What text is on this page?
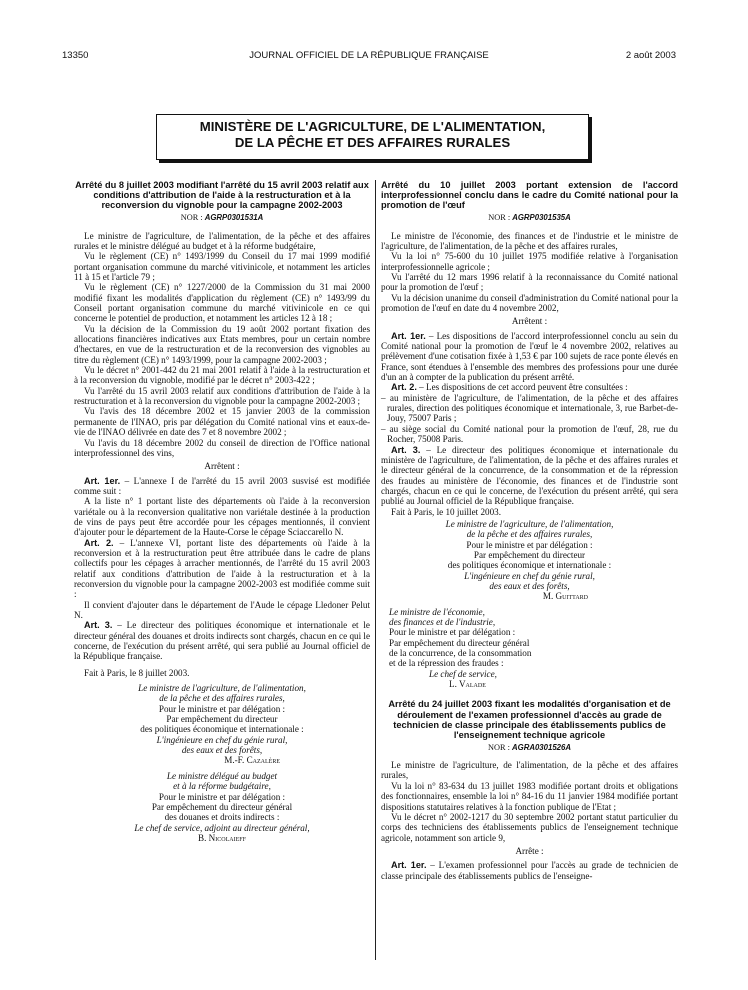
13350	JOURNAL OFFICIEL DE LA RÉPUBLIQUE FRANÇAISE	2 août 2003
MINISTÈRE DE L'AGRICULTURE, DE L'ALIMENTATION,
DE LA PÊCHE ET DES AFFAIRES RURALES

Arrêté du 8 juillet 2003 modifiant l'arrêté du 15 avril 2003 relatif aux conditions d'attribution de l'aide à la restructuration et à la reconversion du vignoble pour la campagne 2002-2003

NOR : AGRP0301531A

Le ministre de l'agriculture, de l'alimentation, de la pêche et des affaires rurales et le ministre délégué au budget et à la réforme budgétaire,

Vu le règlement (CE) n° 1493/1999 du Conseil du 17 mai 1999 modifié portant organisation commune du marché vitivinicole, et notamment les articles 11 à 15 et l'article 79 ;

Vu le règlement (CE) n° 1227/2000 de la Commission du 31 mai 2000 modifié fixant les modalités d'application du règlement (CE) n° 1493/99 du Conseil portant organisation commune du marché vitivinicole en ce qui concerne le potentiel de production, et notamment les articles 12 à 18 ;

Vu la décision de la Commission du 19 août 2002 portant fixation des allocations financières indicatives aux Etats membres, pour un certain nombre d'hectares, en vue de la restructuration et de la reconversion des vignobles au titre du règlement (CE) n° 1493/1999, pour la campagne 2002-2003 ;

Vu le décret n° 2001-442 du 21 mai 2001 relatif à l'aide à la restructuration et à la reconversion du vignoble, modifié par le décret n° 2003-422 ;

Vu l'arrêté du 15 avril 2003 relatif aux conditions d'attribution de l'aide à la restructuration et à la reconversion du vignoble pour la campagne 2002-2003 ;

Vu l'avis des 18 décembre 2002 et 15 janvier 2003 de la commission permanente de l'INAO, pris par délégation du Comité national vins et eaux-de-vie de l'INAO délivrée en date des 7 et 8 novembre 2002 ;

Vu l'avis du 18 décembre 2002 du conseil de direction de l'Office national interprofessionnel des vins,

Arrêtent :

Art. 1er. – L'annexe I de l'arrêté du 15 avril 2003 susvisé est modifiée comme suit :

A la liste n° 1 portant liste des départements où l'aide à la reconversion variétale ou à la reconversion qualitative non variétale destinée à la production de vins de pays peut être accordée pour les cépages mentionnés, il convient d'ajouter pour le département de la Haute-Corse le cépage Sciaccarello N.

Art. 2. – L'annexe VI, portant liste des départements où l'aide à la reconversion et à la restructuration peut être attribuée dans le cadre de plans collectifs pour les cépages à arracher mentionnés, de l'arrêté du 15 avril 2003 relatif aux conditions d'attribution de l'aide à la restructuration et à la reconversion du vignoble pour la campagne 2002-2003 est modifiée comme suit :

Il convient d'ajouter dans le département de l'Aude le cépage Lledoner Pelut N.

Art. 3. – Le directeur des politiques économique et internationale et le directeur général des douanes et droits indirects sont chargés, chacun en ce qui le concerne, de l'exécution du présent arrêté, qui sera publié au Journal officiel de la République française.

Fait à Paris, le 8 juillet 2003.

Le ministre de l'agriculture, de l'alimentation,
de la pêche et des affaires rurales,
Pour le ministre et par délégation :
Par empêchement du directeur
des politiques économique et internationale :
L'ingénieure en chef du génie rural,
des eaux et des forêts,
M.-F. Cazalère
Le ministre délégué au budget
et à la réforme budgétaire,
Pour le ministre et par délégation :
Par empêchement du directeur général
des douanes et droits indirects :
Le chef de service, adjoint au directeur général,
B. Nicolaieff

Arrêté du 10 juillet 2003 portant extension de l'accord interprofessionnel conclu dans le cadre du Comité national pour la promotion de l'œuf

NOR : AGRP0301535A

Le ministre de l'économie, des finances et de l'industrie et le ministre de l'agriculture, de l'alimentation, de la pêche et des affaires rurales,

Vu la loi n° 75-600 du 10 juillet 1975 modifiée relative à l'organisation interprofessionnelle agricole ;

Vu l'arrêté du 12 mars 1996 relatif à la reconnaissance du Comité national pour la promotion de l'œuf ;

Vu la décision unanime du conseil d'administration du Comité national pour la promotion de l'œuf en date du 4 novembre 2002,

Arrêtent :

Art. 1er. – Les dispositions de l'accord interprofessionnel conclu au sein du Comité national pour la promotion de l'œuf le 4 novembre 2002, relatives au prélèvement d'une cotisation fixée à 1,53 € par 100 sujets de race ponte élevés en France, sont étendues à l'ensemble des membres des professions pour une durée d'un an à compter de la publication du présent arrêté.

Art. 2. – Les dispositions de cet accord peuvent être consultées :

– au ministère de l'agriculture, de l'alimentation, de la pêche et des affaires rurales, direction des politiques économique et internationale, 3, rue Barbet-de-Jouy, 75007 Paris ;

– au siège social du Comité national pour la promotion de l'œuf, 28, rue du Rocher, 75008 Paris.

Art. 3. – Le directeur des politiques économique et internationale du ministère de l'agriculture, de l'alimentation, de la pêche et des affaires rurales et le directeur général de la concurrence, de la consommation et de la répression des fraudes au ministère de l'économie, des finances et de l'industrie sont chargés, chacun en ce qui le concerne, de l'exécution du présent arrêté, qui sera publié au Journal officiel de la République française.

Fait à Paris, le 10 juillet 2003.

Le ministre de l'agriculture, de l'alimentation,
de la pêche et des affaires rurales,
Pour le ministre et par délégation :
Par empêchement du directeur
des politiques économique et internationale :
L'ingénieure en chef du génie rural,
des eaux et des forêts,
M. Guittard
Le ministre de l'économie,
des finances et de l'industrie,
Pour le ministre et par délégation :
Par empêchement du directeur général
de la concurrence, de la consommation
et de la répression des fraudes :
Le chef de service,
L. Valade

Arrêté du 24 juillet 2003 fixant les modalités d'organisation et de déroulement de l'examen professionnel d'accès au grade de technicien de classe principale des établissements publics de l'enseignement technique agricole

NOR : AGRA0301526A

Le ministre de l'agriculture, de l'alimentation, de la pêche et des affaires rurales,

Vu la loi n° 83-634 du 13 juillet 1983 modifiée portant droits et obligations des fonctionnaires, ensemble la loi n° 84-16 du 11 janvier 1984 modifiée portant dispositions statutaires relatives à la fonction publique de l'Etat ;

Vu le décret n° 2002-1217 du 30 septembre 2002 portant statut particulier du corps des techniciens des établissements publics de l'enseignement technique agricole, notamment son article 9,

Arrête :

Art. 1er. – L'examen professionnel pour l'accès au grade de technicien de classe principale des établissements publics de l'enseigne-
